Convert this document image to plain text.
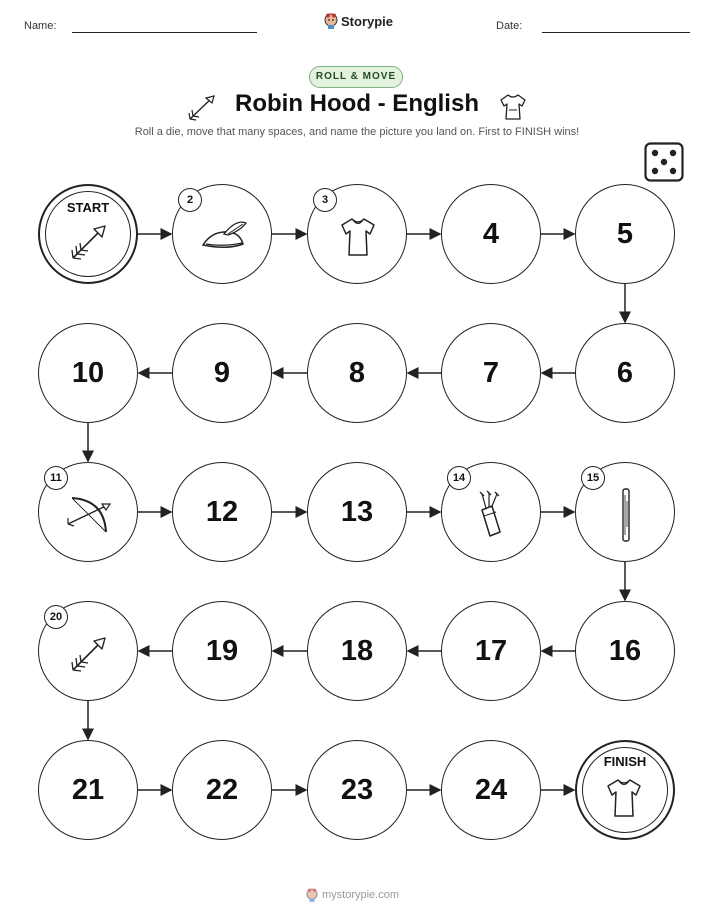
Name:	Storypie	Date:
ROLL & MOVE
Robin Hood - English
Roll a die, move that many spaces, and name the picture you land on. First to FINISH wins!
START	2	3
4	5
6
7
8
9
10
11
12	13
14	15
16
17
18
19
20
21	22	23	24
FINISH
mystorypie.com
